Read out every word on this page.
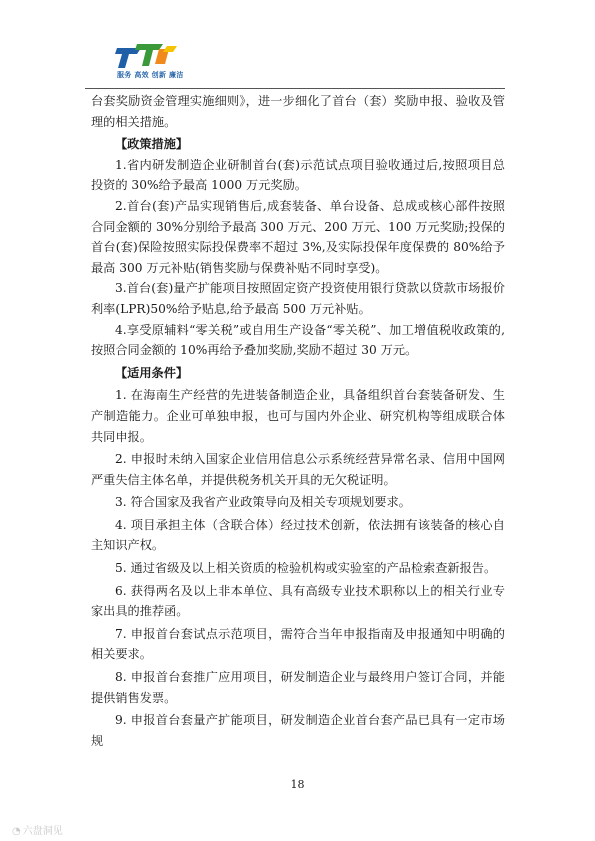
服务 高效 创新 廉洁

台套奖励资金管理实施细则》，进一步细化了首台（套）奖励申报、验收及管理的相关措施。

【政策措施】

1.省内研发制造企业研制首台(套)示范试点项目验收通过后,按照项目总投资的 30%给予最高 1000 万元奖励。

2.首台(套)产品实现销售后,成套装备、单台设备、总成或核心部件按照合同金额的 30%分别给予最高 300 万元、200 万元、100 万元奖励;投保的首台(套)保险按照实际投保费率不超过 3%,及实际投保年度保费的 80%给予最高 300 万元补贴(销售奖励与保费补贴不同时享受)。

3.首台(套)量产扩能项目按照固定资产投资使用银行贷款以贷款市场报价利率(LPR)50%给予贴息,给予最高 500 万元补贴。

4.享受原辅料“零关税”或自用生产设备“零关税”、加工增值税收政策的,按照合同金额的 10%再给予叠加奖励,奖励不超过 30 万元。

【适用条件】

1. 在海南生产经营的先进装备制造企业，具备组织首台套装备研发、生产制造能力。企业可单独申报，也可与国内外企业、研究机构等组成联合体共同申报。

2. 申报时未纳入国家企业信用信息公示系统经营异常名录、信用中国网严重失信主体名单，并提供税务机关开具的无欠税证明。

3. 符合国家及我省产业政策导向及相关专项规划要求。

4. 项目承担主体（含联合体）经过技术创新，依法拥有该装备的核心自主知识产权。

5. 通过省级及以上相关资质的检验机构或实验室的产品检索查新报告。

6. 获得两名及以上非本单位、具有高级专业技术职称以上的相关行业专家出具的推荐函。

7. 申报首台套试点示范项目，需符合当年申报指南及申报通知中明确的相关要求。

8. 申报首台套推广应用项目，研发制造企业与最终用户签订合同，并能提供销售发票。

9. 申报首台套量产扩能项目，研发制造企业首台套产品已具有一定市场规

18
◔ 六盘洞见
